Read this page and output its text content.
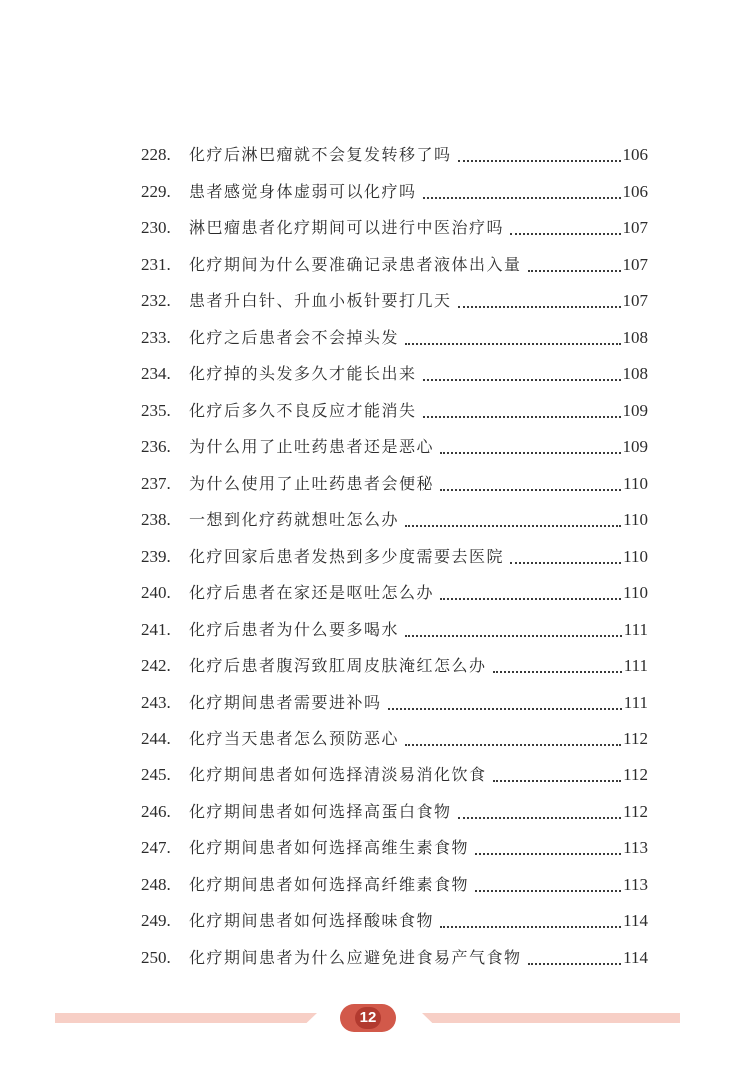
228.	化疗后淋巴瘤就不会复发转移了吗	106
229.	患者感觉身体虚弱可以化疗吗	106
230.	淋巴瘤患者化疗期间可以进行中医治疗吗	107
231.	化疗期间为什么要准确记录患者液体出入量	107
232.	患者升白针、升血小板针要打几天	107
233.	化疗之后患者会不会掉头发	108
234.	化疗掉的头发多久才能长出来	108
235.	化疗后多久不良反应才能消失	109
236.	为什么用了止吐药患者还是恶心	109
237.	为什么使用了止吐药患者会便秘	110
238.	一想到化疗药就想吐怎么办	110
239.	化疗回家后患者发热到多少度需要去医院	110
240.	化疗后患者在家还是呕吐怎么办	110
241.	化疗后患者为什么要多喝水	111
242.	化疗后患者腹泻致肛周皮肤淹红怎么办	111
243.	化疗期间患者需要进补吗	111
244.	化疗当天患者怎么预防恶心	112
245.	化疗期间患者如何选择清淡易消化饮食	112
246.	化疗期间患者如何选择高蛋白食物	112
247.	化疗期间患者如何选择高维生素食物	113
248.	化疗期间患者如何选择高纤维素食物	113
249.	化疗期间患者如何选择酸味食物	114
250.	化疗期间患者为什么应避免进食易产气食物	114
12
